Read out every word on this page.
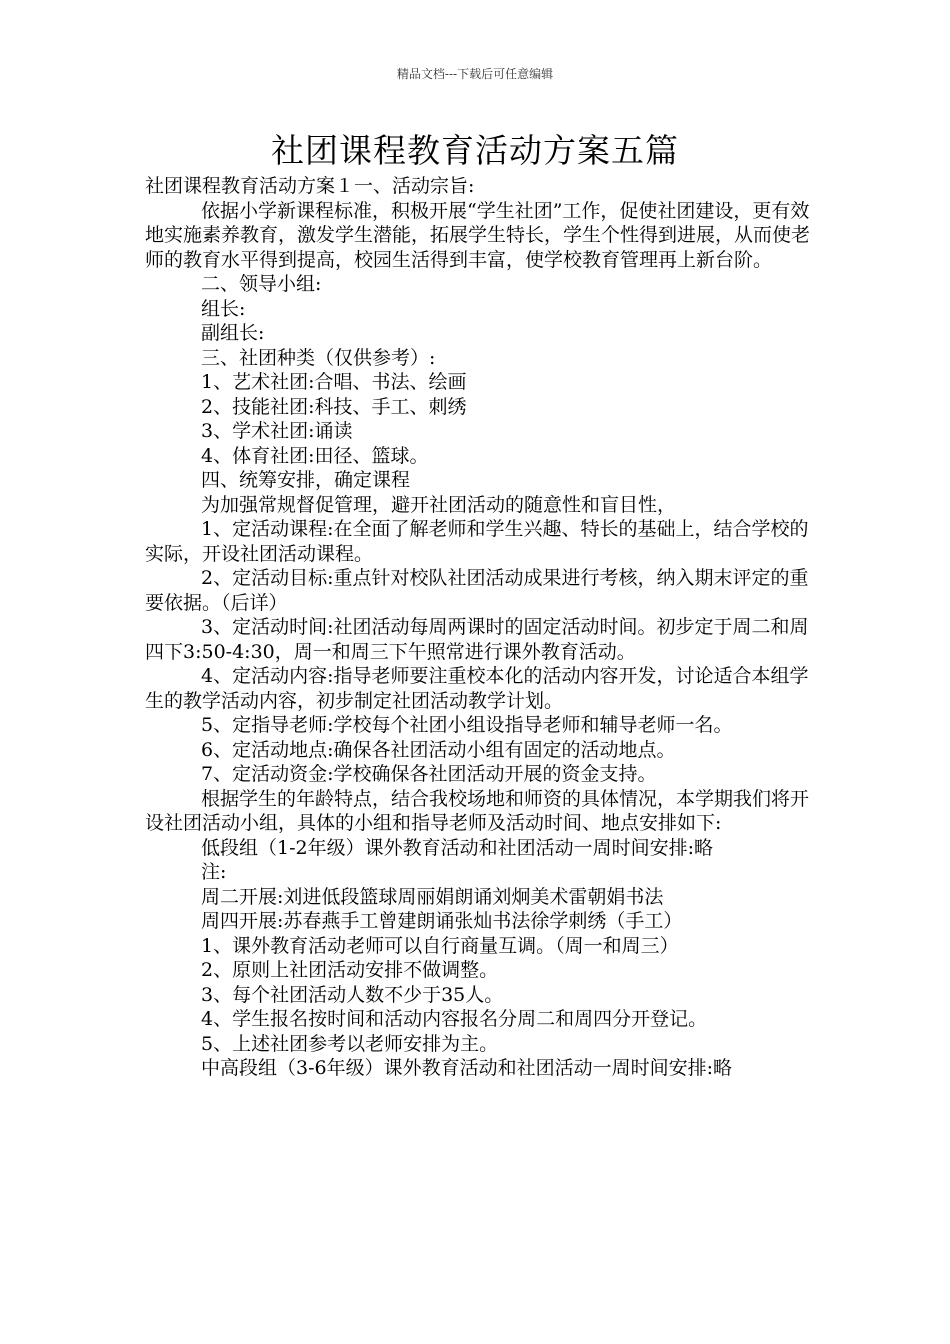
精品文档---下载后可任意编辑
社团课程教育活动方案五篇

社团课程教育活动方案１一、活动宗旨:

依据小学新课程标准，积极开展“学生社团”工作，促使社团建设，更有效地实施素养教育，激发学生潜能，拓展学生特长，学生个性得到进展，从而使老师的教育水平得到提高，校园生活得到丰富，使学校教育管理再上新台阶。

二、领导小组:

组长:

副组长:

三、社团种类（仅供参考）:

1、艺术社团:合唱、书法、绘画

2、技能社团:科技、手工、刺绣

3、学术社团:诵读

4、体育社团:田径、篮球。

四、统筹安排，确定课程

为加强常规督促管理，避开社团活动的随意性和盲目性，

1、定活动课程:在全面了解老师和学生兴趣、特长的基础上，结合学校的实际，开设社团活动课程。

2、定活动目标:重点针对校队社团活动成果进行考核，纳入期末评定的重要依据。（后详）

3、定活动时间:社团活动每周两课时的固定活动时间。初步定于周二和周四下3:50-4:30，周一和周三下午照常进行课外教育活动。

4、定活动内容:指导老师要注重校本化的活动内容开发，讨论适合本组学生的教学活动内容，初步制定社团活动教学计划。

5、定指导老师:学校每个社团小组设指导老师和辅导老师一名。

6、定活动地点:确保各社团活动小组有固定的活动地点。

7、定活动资金:学校确保各社团活动开展的资金支持。

根据学生的年龄特点，结合我校场地和师资的具体情况，本学期我们将开设社团活动小组，具体的小组和指导老师及活动时间、地点安排如下:

低段组（1-2年级）课外教育活动和社团活动一周时间安排:略

注:

周二开展:刘进低段篮球周丽娟朗诵刘炯美术雷朝娟书法

周四开展:苏春燕手工曾建朗诵张灿书法徐学刺绣（手工）

1、课外教育活动老师可以自行商量互调。（周一和周三）

2、原则上社团活动安排不做调整。

3、每个社团活动人数不少于35人。

4、学生报名按时间和活动内容报名分周二和周四分开登记。

5、上述社团参考以老师安排为主。

中高段组（3-6年级）课外教育活动和社团活动一周时间安排:略
